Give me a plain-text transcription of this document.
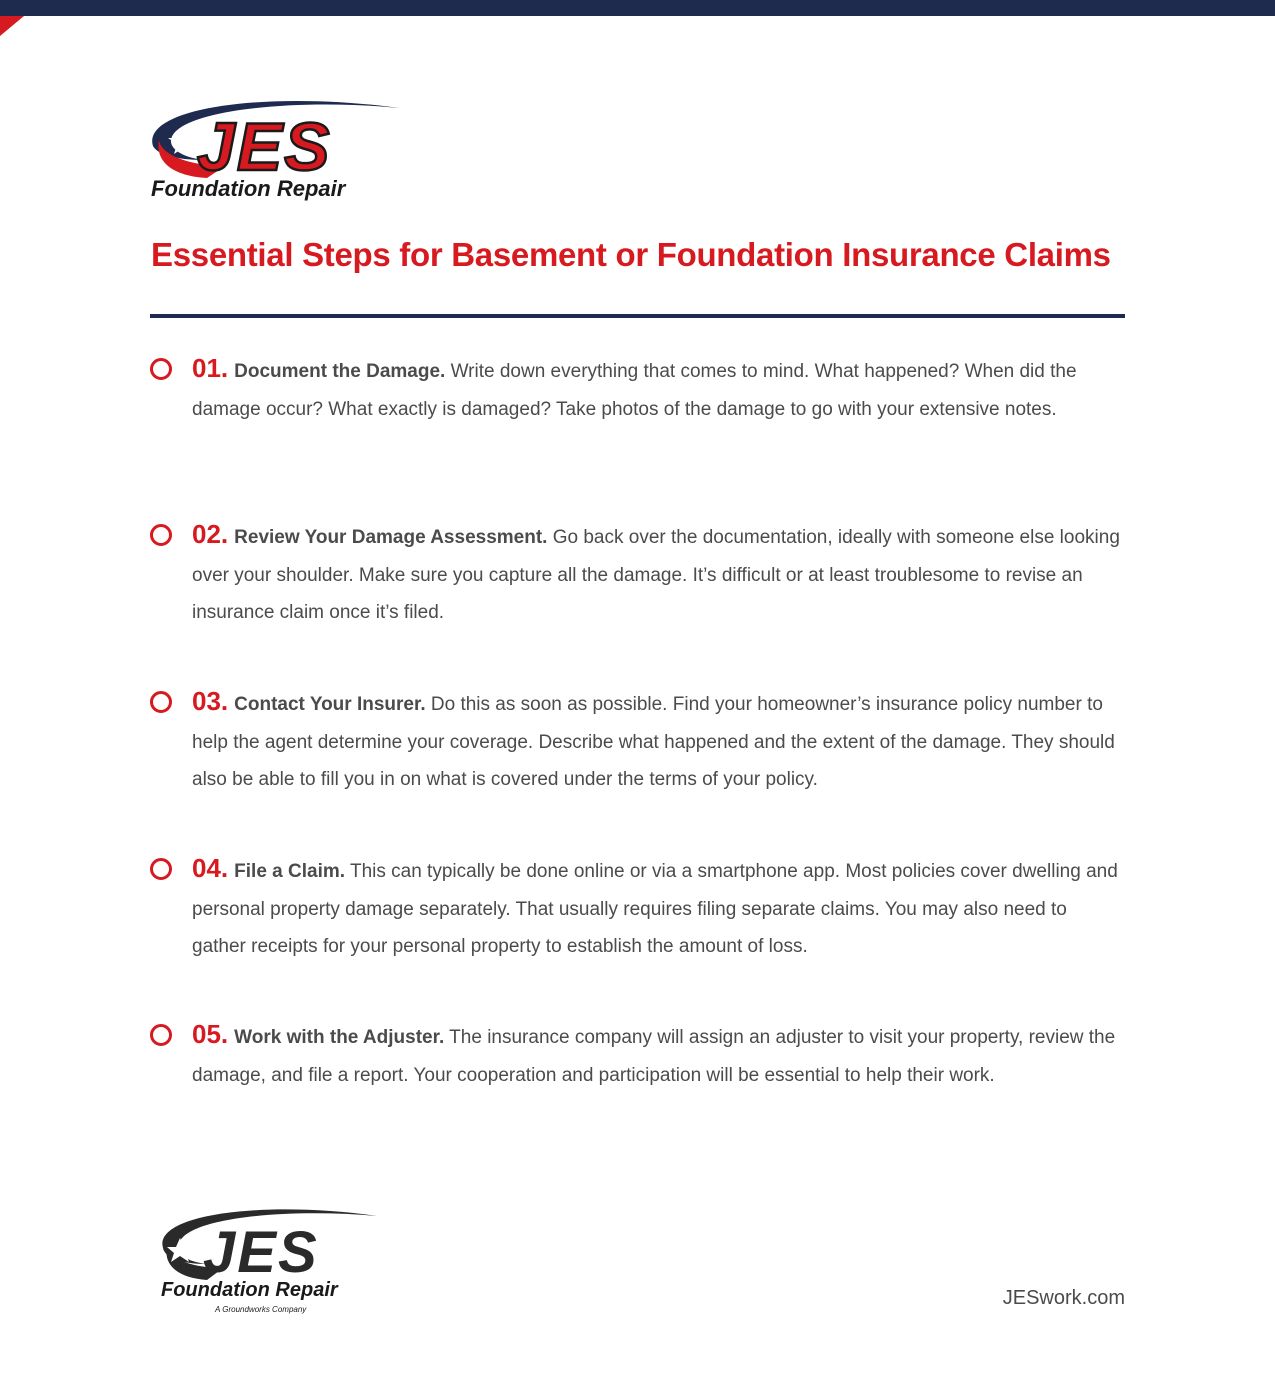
JES
Foundation Repair
Essential Steps for Basement or Foundation Insurance Claims
01. Document the Damage. Write down everything that comes to mind. What happened? When did the damage occur? What exactly is damaged? Take photos of the damage to go with your extensive notes.
02. Review Your Damage Assessment. Go back over the documentation, ideally with someone else looking over your shoulder. Make sure you capture all the damage. It’s difficult or at least troublesome to revise an insurance claim once it’s filed.
03. Contact Your Insurer. Do this as soon as possible. Find your homeowner’s insurance policy number to help the agent determine your coverage. Describe what happened and the extent of the damage. They should also be able to fill you in on what is covered under the terms of your policy.
04. File a Claim. This can typically be done online or via a smartphone app. Most policies cover dwelling and personal property damage separately. That usually requires filing separate claims. You may also need to gather receipts for your personal property to establish the amount of loss.
05. Work with the Adjuster. The insurance company will assign an adjuster to visit your property, review the damage, and file a report. Your cooperation and participation will be essential to help their work.
JES
Foundation Repair
A Groundworks Company
JESwork.com
